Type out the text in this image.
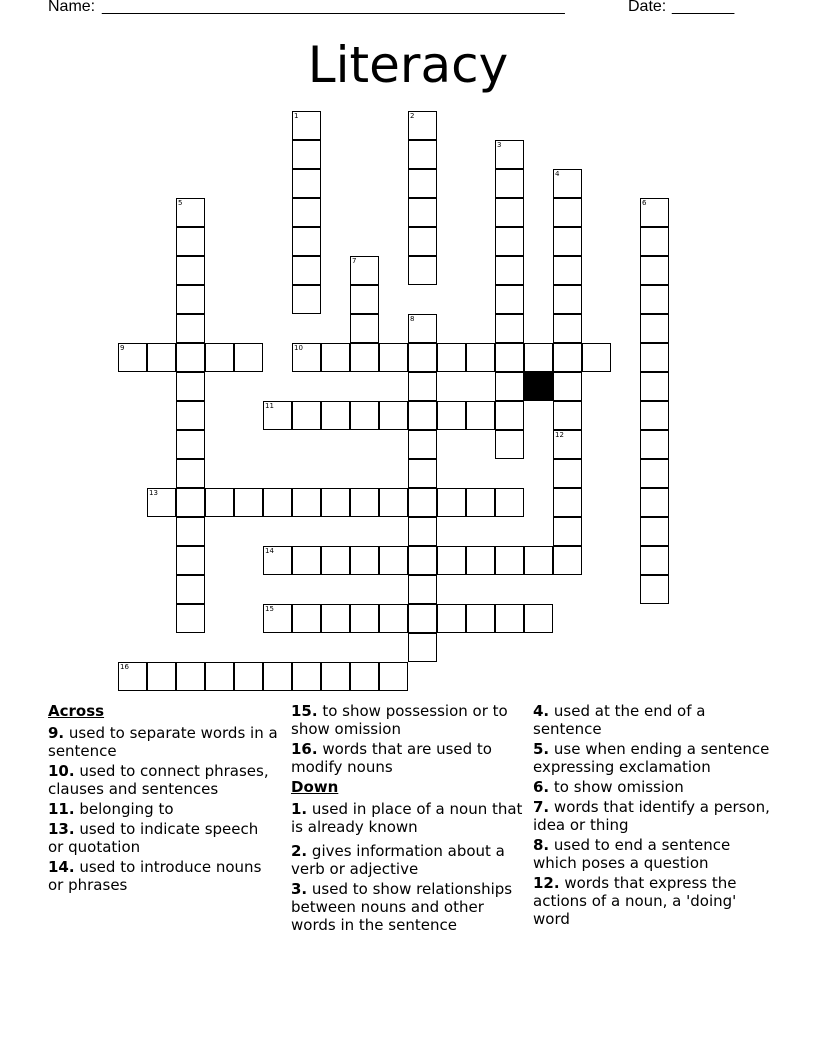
Name: ____________________________________________________	Date: _______
Literacy
1	2
3
4
5	6
7
8
12
9	10
11
13
14
15
16
Across
9. used to separate words in a sentence
10. used to connect phrases, clauses and sentences
11. belonging to
13. used to indicate speech or quotation
14. used to introduce nouns or phrases
15. to show possession or to show omission
16. words that are used to modify nouns
Down
1. used in place of a noun that is already known
2. gives information about a verb or adjective
3. used to show relationships between nouns and other words in the sentence
4. used at the end of a sentence
5. use when ending a sentence expressing exclamation
6. to show omission
7. words that identify a person, idea or thing
8. used to end a sentence which poses a question
12. words that express the actions of a noun, a 'doing' word
